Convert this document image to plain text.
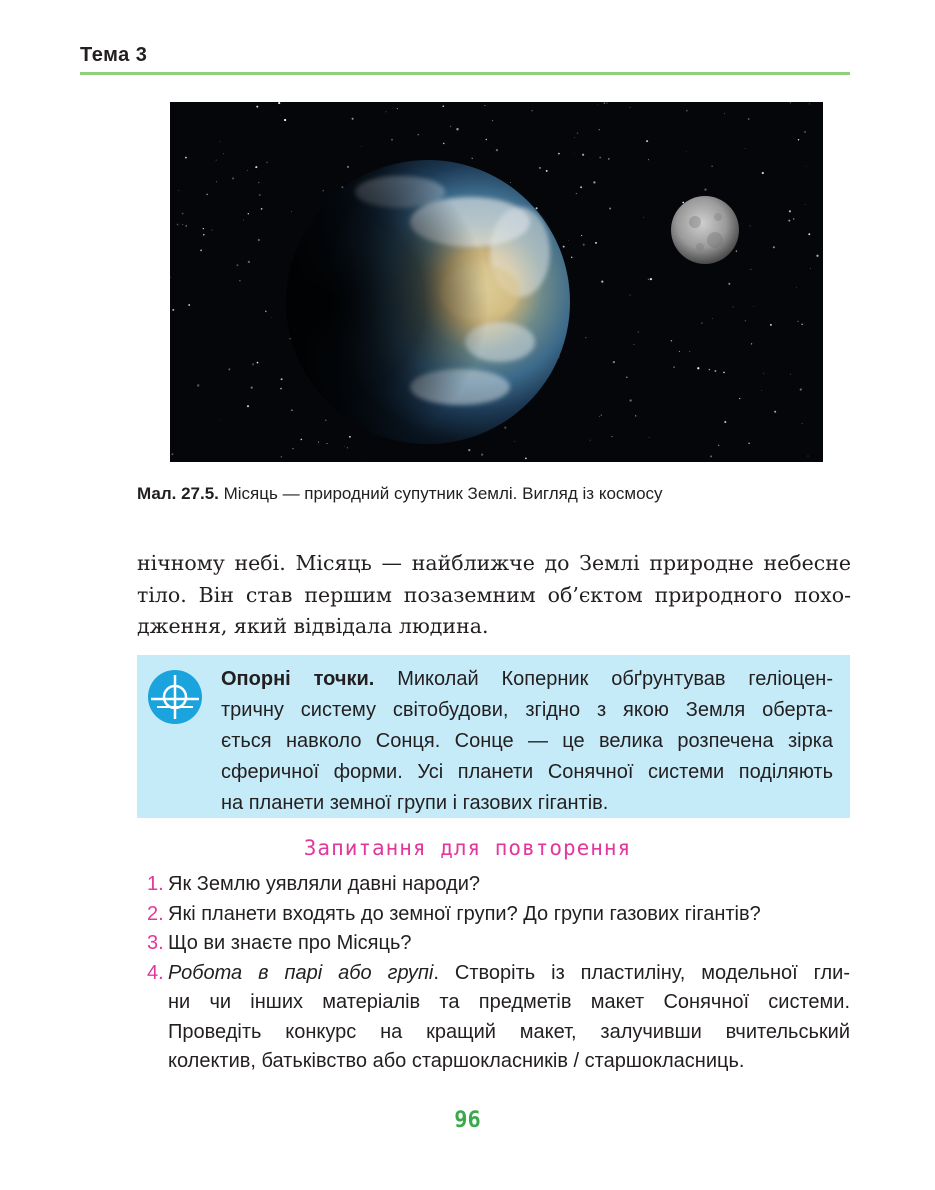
Тема 3
Мал. 27.5. Місяць — природний супутник Землі. Вигляд із космосу
нічному небі. Місяць — найближче до Землі природне небесне
тіло. Він став першим позаземним об’єктом природного похо-
дження, який відвідала людина.
Опорні точки. Миколай Коперник обґрунтував геліоцен-
тричну систему світобудови, згідно з якою Земля оберта-
ється навколо Сонця. Сонце — це велика розпечена зірка
сферичної форми. Усі планети Сонячної системи поділяють
на планети земної групи і газових гігантів.
Запитання для повторення
1. Як Землю уявляли давні народи?
2. Які планети входять до земної групи? До групи газових гігантів?
3. Що ви знаєте про Місяць?
4. Робота в парі або групі. Створіть із пластиліну, модельної гли-
ни чи інших матеріалів та предметів макет Сонячної системи.
Проведіть конкурс на кращий макет, залучивши вчительський
колектив, батьківство або старшокласників / старшокласниць.
96
